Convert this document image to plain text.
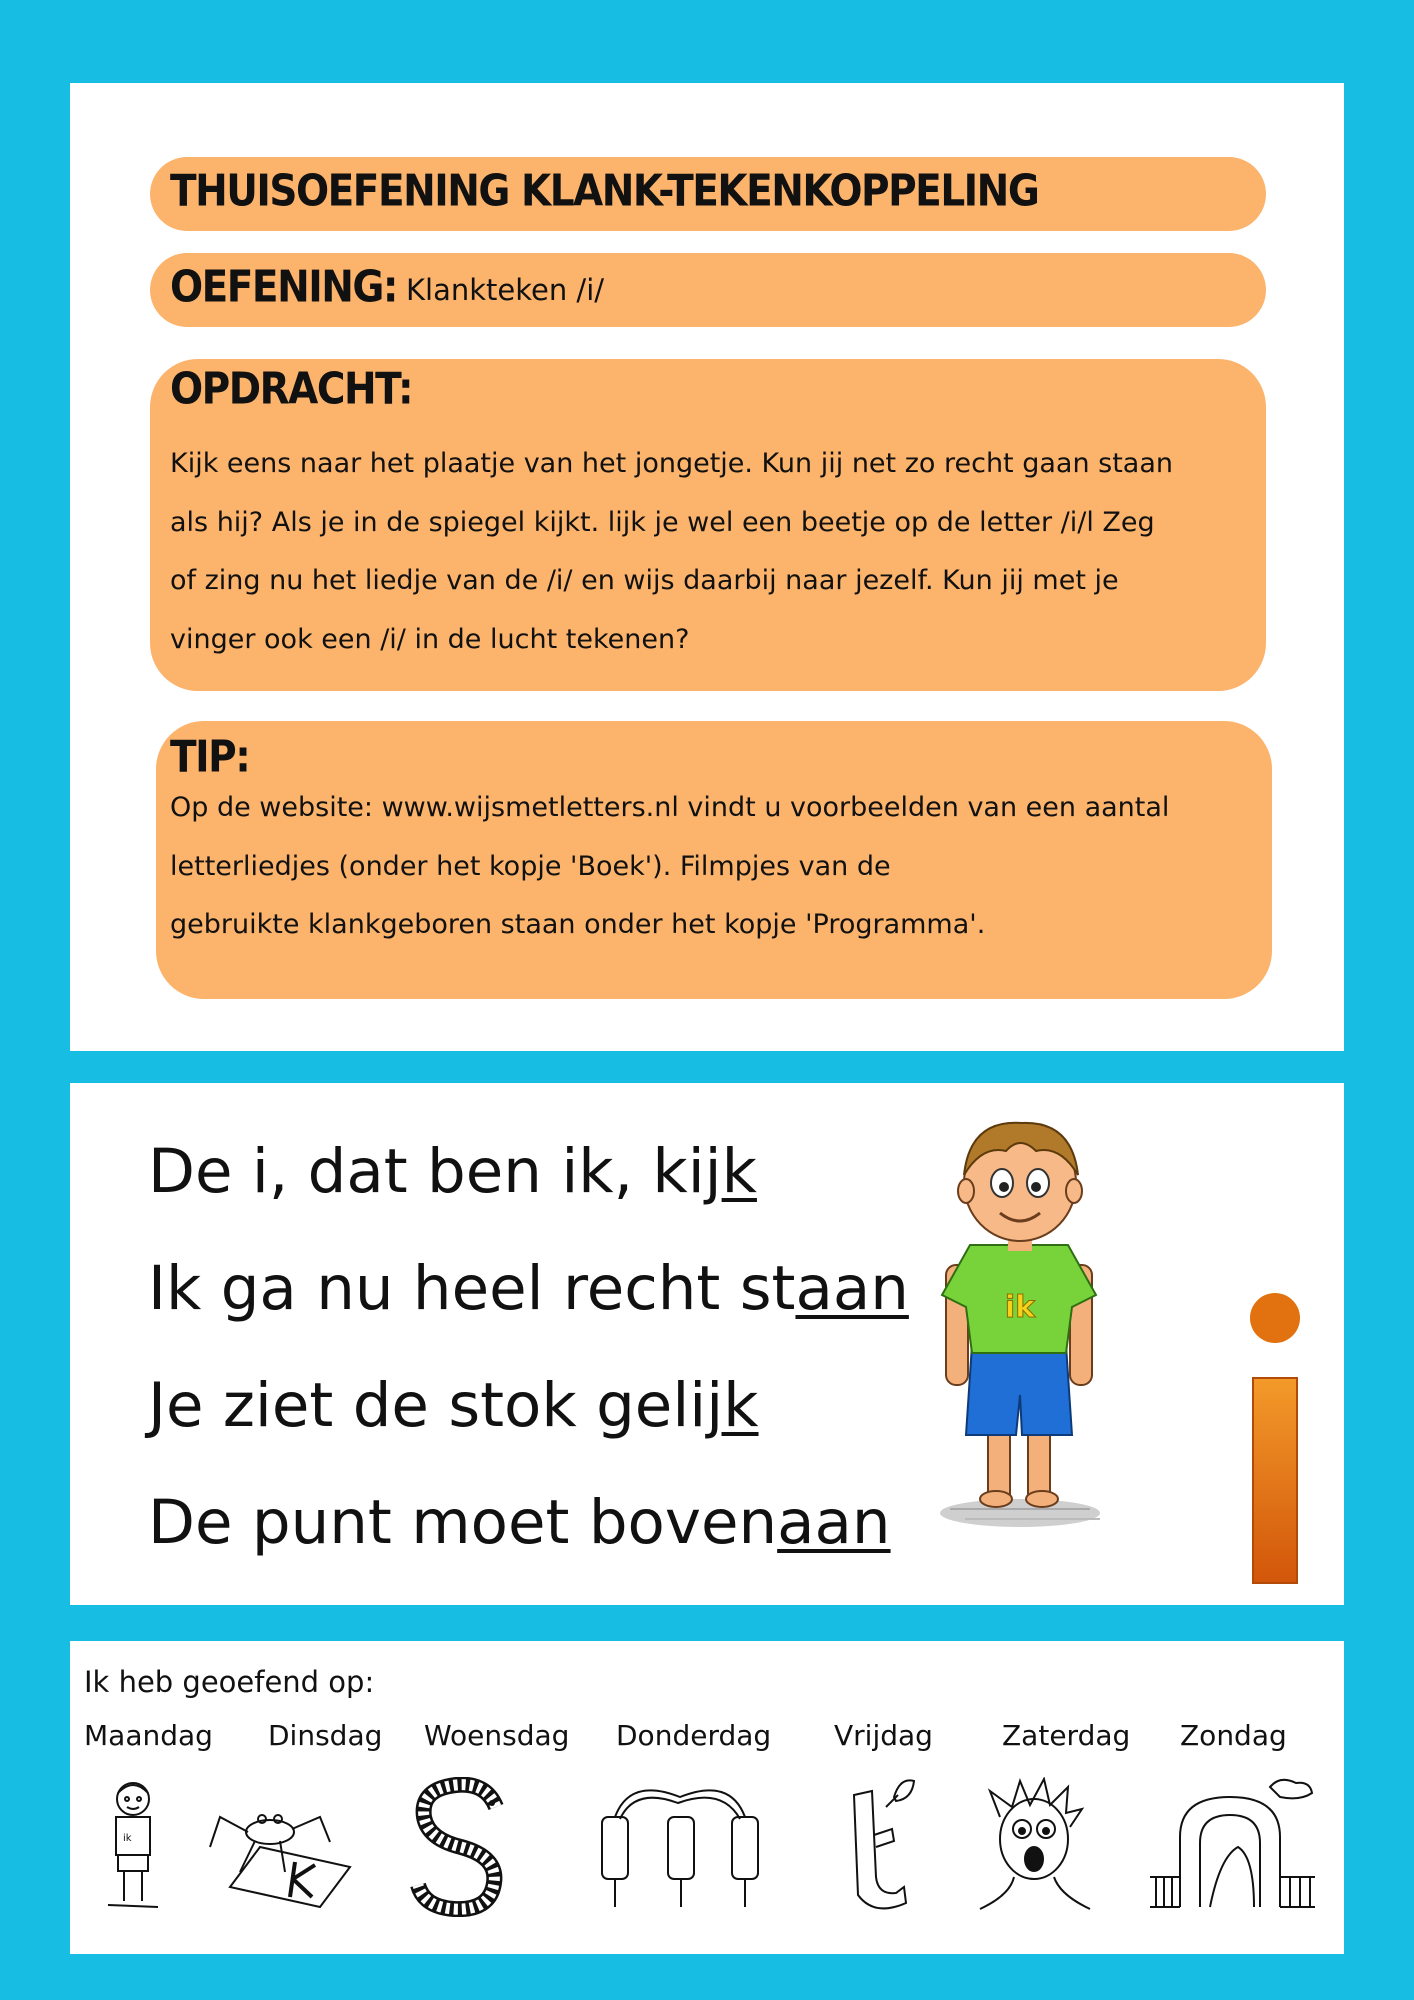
THUISOEFENING KLANK-TEKENKOPPELING
OEFENING: Klankteken /i/
OPDRACHT:
Kijk eens naar het plaatje van het jongetje. Kun jij net zo recht gaan staan
als hij? Als je in de spiegel kijkt. lijk je wel een beetje op de letter /i/l Zeg
of zing nu het liedje van de /i/ en wijs daarbij naar jezelf. Kun jij met je
vinger ook een /i/ in de lucht tekenen?
TIP:
Op de website: www.wijsmetletters.nl vindt u voorbeelden van een aantal
letterliedjes (onder het kopje 'Boek'). Filmpjes van de
gebruikte klankgeboren staan onder het kopje 'Programma'.
De i, dat ben ik, kijk
Ik ga nu heel recht staan
Je ziet de stok gelijk
De punt moet bovenaan
ik
Ik heb geoefend op:
Maandag Dinsdag Woensdag Donderdag Vrijdag Zaterdag Zondag
ik
